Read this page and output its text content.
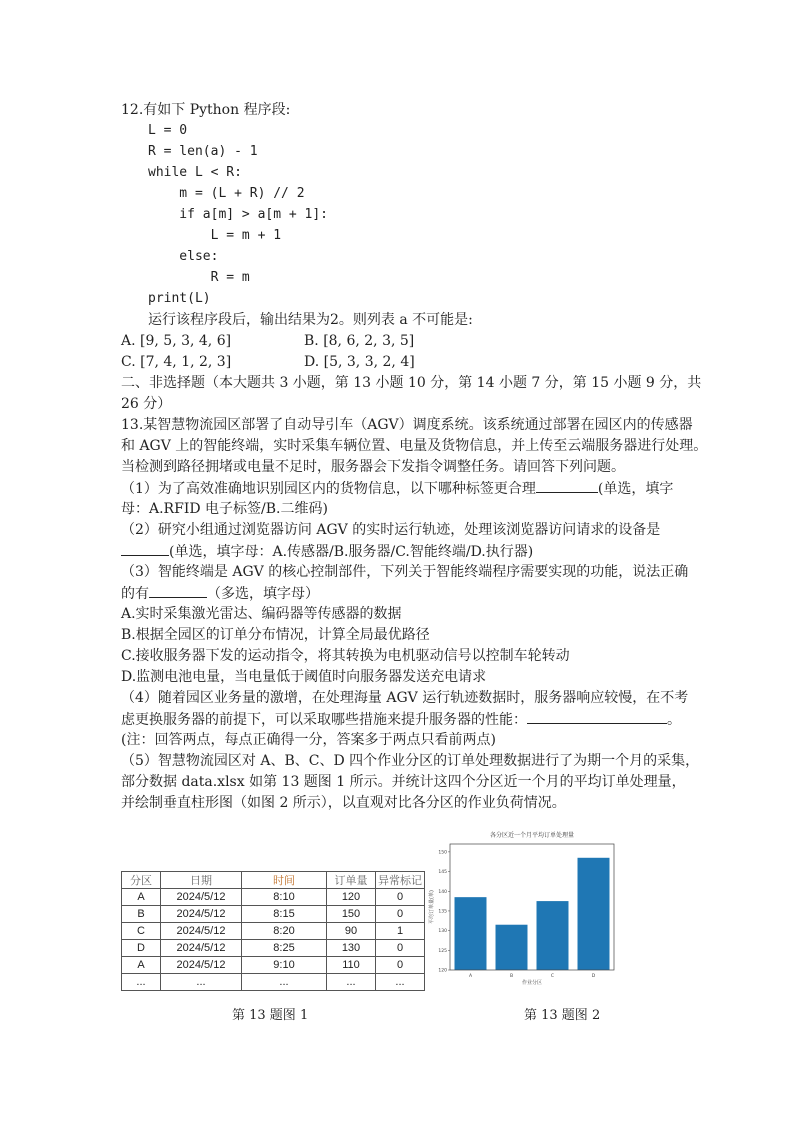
12.有如下 Python 程序段:
L = 0
R = len(a) - 1
while L < R:
m = (L + R) // 2
if a[m] > a[m + 1]:
L = m + 1
else:
R = m
print(L)
运行该程序段后，输出结果为2。则列表 a 不可能是:
A. [9, 5, 3, 4, 6]	B. [8, 6, 2, 3, 5]
C. [7, 4, 1, 2, 3]	D. [5, 3, 3, 2, 4]
二、非选择题（本大题共 3 小题，第 13 小题 10 分，第 14 小题 7 分，第 15 小题 9 分，共
26 分）
13.某智慧物流园区部署了自动导引车（AGV）调度系统。该系统通过部署在园区内的传感器
和 AGV 上的智能终端，实时采集车辆位置、电量及货物信息，并上传至云端服务器进行处理。
当检测到路径拥堵或电量不足时，服务器会下发指令调整任务。请回答下列问题。
（1）为了高效准确地识别园区内的货物信息，以下哪种标签更合理	(单选，填字
母：A.RFID 电子标签/B.二维码)
（2）研究小组通过浏览器访问 AGV 的实时运行轨迹，处理该浏览器访问请求的设备是
(单选，填字母：A.传感器/B.服务器/C.智能终端/D.执行器)
（3）智能终端是 AGV 的核心控制部件，下列关于智能终端程序需要实现的功能，说法正确
的有	（多选，填字母）
A.实时采集激光雷达、编码器等传感器的数据
B.根据全园区的订单分布情况，计算全局最优路径
C.接收服务器下发的运动指令，将其转换为电机驱动信号以控制车轮转动
D.监测电池电量，当电量低于阈值时向服务器发送充电请求
（4）随着园区业务量的激增，在处理海量 AGV 运行轨迹数据时，服务器响应较慢，在不考
虑更换服务器的前提下，可以采取哪些措施来提升服务器的性能：	。
(注：回答两点，每点正确得一分，答案多于两点只看前两点)
（5）智慧物流园区对 A、B、C、D 四个作业分区的订单处理数据进行了为期一个月的采集，
部分数据 data.xlsx 如第 13 题图 1 所示。并统计这四个分区近一个月的平均订单处理量，
并绘制垂直柱形图（如图 2 所示），以直观对比各分区的作业负荷情况。
分区	日期	时间	订单量	异常标记
A	2024/5/12	8:10	120	0
B	2024/5/12	8:15	150	0
C	2024/5/12	8:20	90	1
D	2024/5/12	8:25	130	0
A	2024/5/12	9:10	110	0
...	...	...	...	...
各分区近一个月平均订单处理量
120
125
130
135
140
145
150
A	B	C	D
作业分区
平均订单量(单)
第 13 题图 1	第 13 题图 2
